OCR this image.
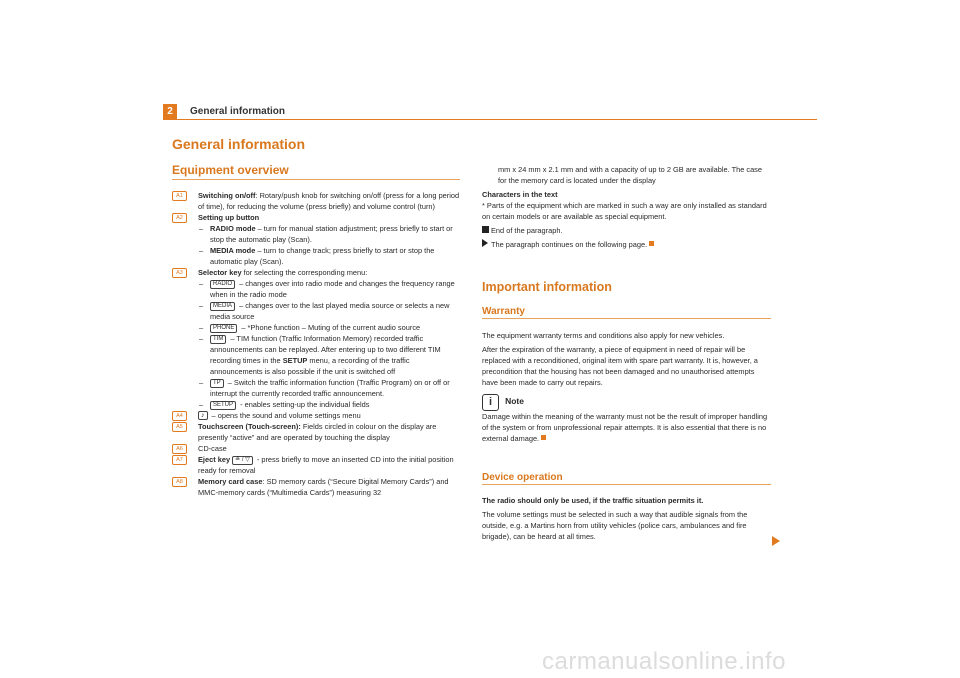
2	General information
General information
Equipment overview
A1	Switching on/off: Rotary/push knob for switching on/off (press for a long period of time), for reducing the volume (press briefly) and volume control (turn)
A2	Setting up button
– RADIO mode – turn for manual station adjustment; press briefly to start or stop the automatic play (Scan).
– MEDIA mode – turn to change track; press briefly to start or stop the automatic play (Scan).
A3	Selector key for selecting the corresponding menu:
– RADIO – changes over into radio mode and changes the frequency range when in the radio mode
– MEDIA – changes over to the last played media source or selects a new media source
– PHONE – *Phone function – Muting of the current audio source
– TIM – TIM function (Traffic Information Memory) recorded traffic announcements can be replayed. After entering up to two different TIM recording times in the SETUP menu, a recording of the traffic announcements is also possible if the unit is switched off
– TP – Switch the traffic information function (Traffic Program) on or off or interrupt the currently recorded traffic announcement.
– SETUP - enables setting-up the individual fields
A4	♪ – opens the sound and volume settings menu
A5	Touchscreen (Touch-screen): Fields circled in colour on the display are presently “active” and are operated by touching the display
A6	CD-case
A7	Eject key ≙ / ▽ - press briefly to move an inserted CD into the initial position ready for removal
A8	Memory card case: SD memory cards (“Secure Digital Memory Cards”) and MMC-memory cards (“Multimedia Cards”) measuring 32
mm x 24 mm x 2.1 mm and with a capacity of up to 2 GB are available. The case for the memory card is located under the display
Characters in the text
* Parts of the equipment which are marked in such a way are only installed as standard on certain models or are available as special equipment.
End of the paragraph.
The paragraph continues on the following page.
Important information
Warranty
The equipment warranty terms and conditions also apply for new vehicles.
After the expiration of the warranty, a piece of equipment in need of repair will be replaced with a reconditioned, original item with spare part warranty. It is, however, a precondition that the housing has not been damaged and no unauthorised attempts have been made to carry out repairs.
i Note
Damage within the meaning of the warranty must not be the result of improper handling of the system or from unprofessional repair attempts. It is also essential that there is no external damage.
Device operation
The radio should only be used, if the traffic situation permits it.
The volume settings must be selected in such a way that audible signals from the outside, e.g. a Martins horn from utility vehicles (police cars, ambulances and fire brigade), can be heard at all times.
carmanualsonline.info
